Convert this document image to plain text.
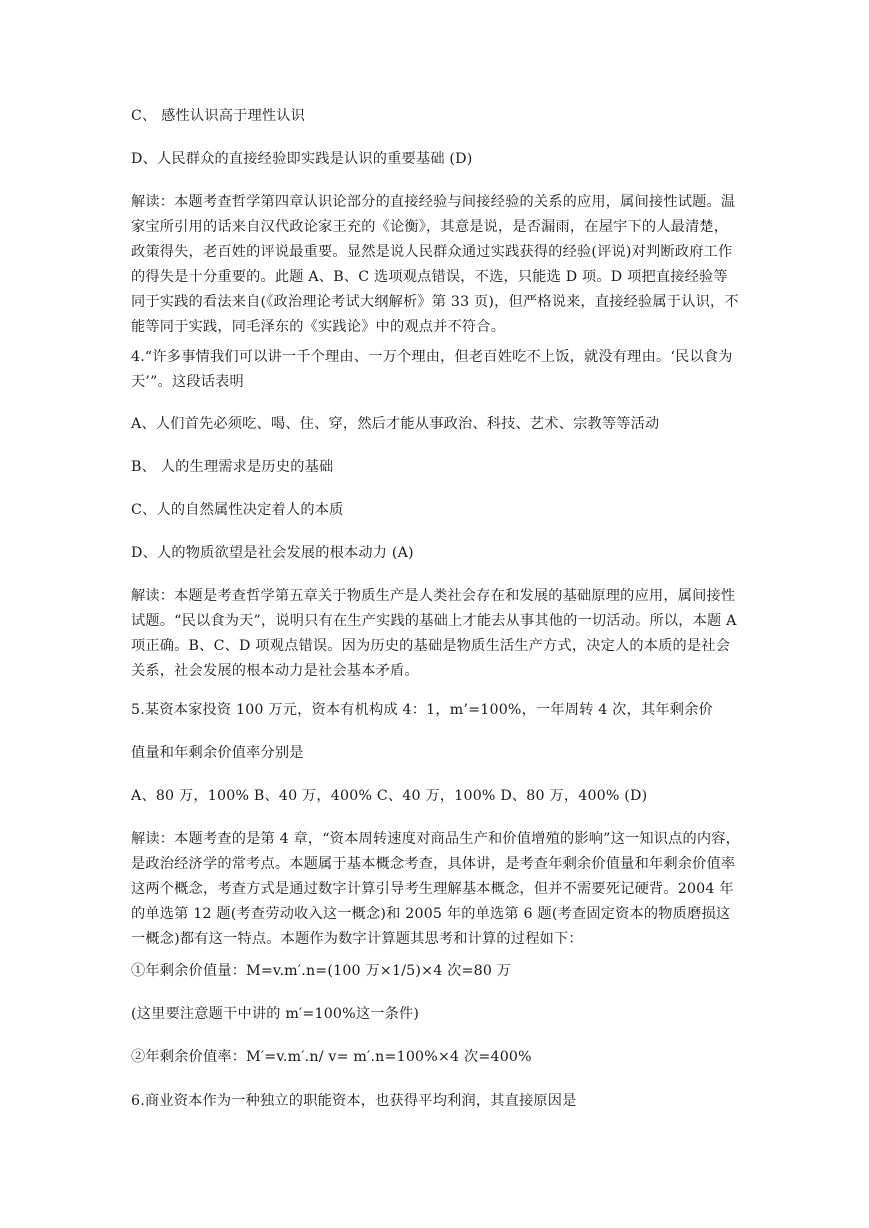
C、 感性认识高于理性认识

D、人民群众的直接经验即实践是认识的重要基础 (D)

解读：本题考查哲学第四章认识论部分的直接经验与间接经验的关系的应用，属间接性试题。温家宝所引用的话来自汉代政论家王充的《论衡》，其意是说，是否漏雨，在屋宇下的人最清楚，政策得失，老百姓的评说最重要。显然是说人民群众通过实践获得的经验(评说)对判断政府工作的得失是十分重要的。此题 A、B、C 选项观点错误，不选，只能选 D 项。D 项把直接经验等同于实践的看法来自(《政治理论考试大纲解析》第 33 页)，但严格说来，直接经验属于认识，不能等同于实践，同毛泽东的《实践论》中的观点并不符合。

4.“许多事情我们可以讲一千个理由、一万个理由，但老百姓吃不上饭，就没有理由。‘民以食为天’”。这段话表明

A、人们首先必须吃、喝、住、穿，然后才能从事政治、科技、艺术、宗教等等活动

B、 人的生理需求是历史的基础

C、人的自然属性决定着人的本质

D、人的物质欲望是社会发展的根本动力 (A)

解读：本题是考查哲学第五章关于物质生产是人类社会存在和发展的基础原理的应用，属间接性试题。“民以食为天”，说明只有在生产实践的基础上才能去从事其他的一切活动。所以，本题 A 项正确。B、C、D 项观点错误。因为历史的基础是物质生活生产方式，决定人的本质的是社会关系，社会发展的根本动力是社会基本矛盾。

5.某资本家投资 100 万元，资本有机构成 4：1，m’=100%，一年周转 4 次，其年剩余价

值量和年剩余价值率分别是

A、80 万，100% B、40 万，400% C、40 万，100% D、80 万，400% (D)

解读：本题考查的是第 4 章，“资本周转速度对商品生产和价值增殖的影响”这一知识点的内容，是政治经济学的常考点。本题属于基本概念考查，具体讲，是考查年剩余价值量和年剩余价值率这两个概念，考查方式是通过数字计算引导考生理解基本概念，但并不需要死记硬背。2004 年的单选第 12 题(考查劳动收入这一概念)和 2005 年的单选第 6 题(考查固定资本的物质磨损这一概念)都有这一特点。本题作为数字计算题其思考和计算的过程如下：

①年剩余价值量：M=v.m′.n=(100 万×1/5)×4 次=80 万

(这里要注意题干中讲的 m′=100%这一条件)

②年剩余价值率：M′=v.m′.n/ v= m′.n=100%×4 次=400%

6.商业资本作为一种独立的职能资本，也获得平均利润，其直接原因是
